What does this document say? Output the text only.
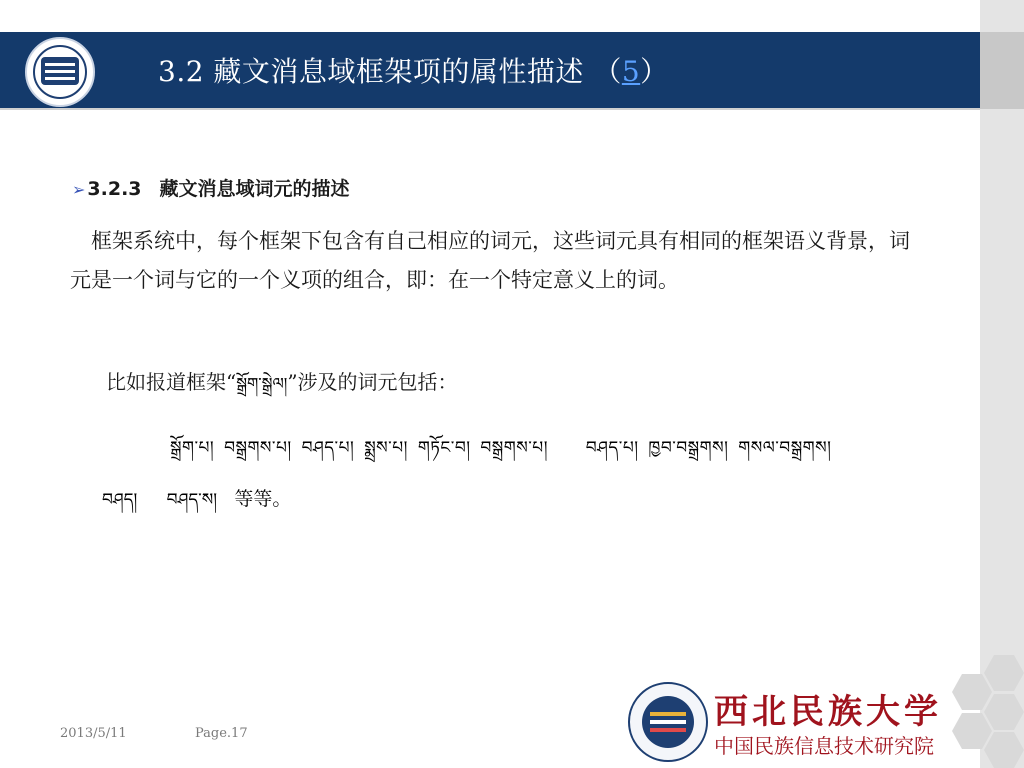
3.2 藏文消息域框架项的属性描述 （5）
➢ 3.2.3 藏文消息域词元的描述
　框架系统中，每个框架下包含有自己相应的词元，这些词元具有相同的框架语义背景，词元是一个词与它的一个义项的组合，即：在一个特定意义上的词。
比如报道框架“སྒྲོག་སྒྲེལ།”涉及的词元包括：
སྒྲོག་པ། བསྒྲགས་པ། བཤད་པ། སྨྲས་པ། གཏོང་བ། བསྒྲགས་པ། བཤད་པ། ཁྱབ་བསྒྲགས། གསལ་བསྒྲགས།
བཤད། བཤད་ས། 等等。
2013/5/11	Page.17
西北民族大学
中国民族信息技术研究院
